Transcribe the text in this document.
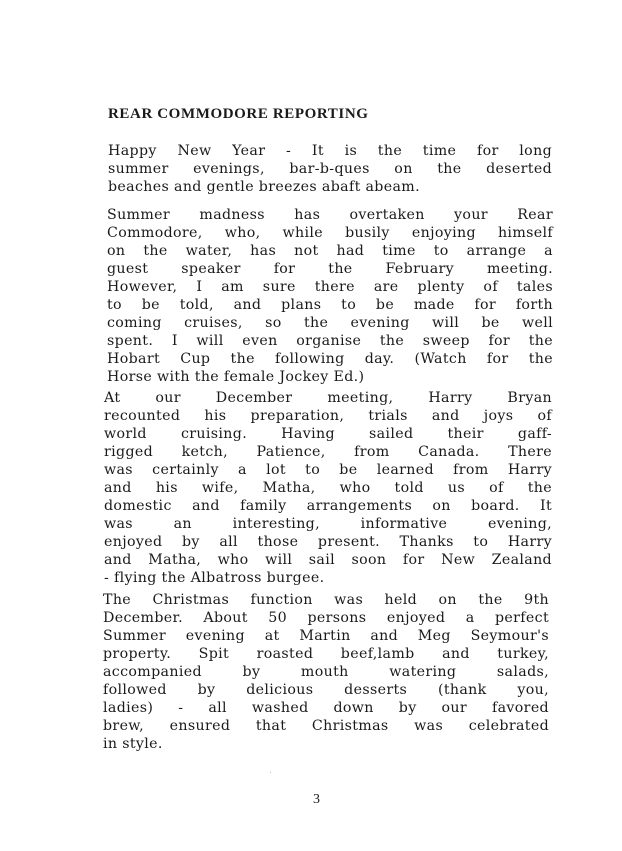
REAR COMMODORE REPORTING
Happy New Year - It is the time for long
summer evenings, bar-b-ques on the deserted
beaches and gentle breezes abaft abeam.
Summer madness has overtaken your Rear
Commodore, who, while busily enjoying himself
on the water, has not had time to arrange a
guest speaker for the February meeting.
However, I am sure there are plenty of tales
to be told, and plans to be made for forth
coming cruises, so the evening will be well
spent. I will even organise the sweep for the
Hobart Cup the following day. (Watch for the
Horse with the female Jockey Ed.)
At our December meeting, Harry Bryan
recounted his preparation, trials and joys of
world cruising. Having sailed their gaff-
rigged ketch, Patience, from Canada. There
was certainly a lot to be learned from Harry
and his wife, Matha, who told us of the
domestic and family arrangements on board. It
was an interesting, informative evening,
enjoyed by all those present. Thanks to Harry
and Matha, who will sail soon for New Zealand
- flying the Albatross burgee.
The Christmas function was held on the 9th
December. About 50 persons enjoyed a perfect
Summer evening at Martin and Meg Seymour's
property. Spit roasted beef,lamb and turkey,
accompanied by mouth watering salads,
followed by delicious desserts (thank you,
ladies) - all washed down by our favored
brew, ensured that Christmas was celebrated
in style.
3
